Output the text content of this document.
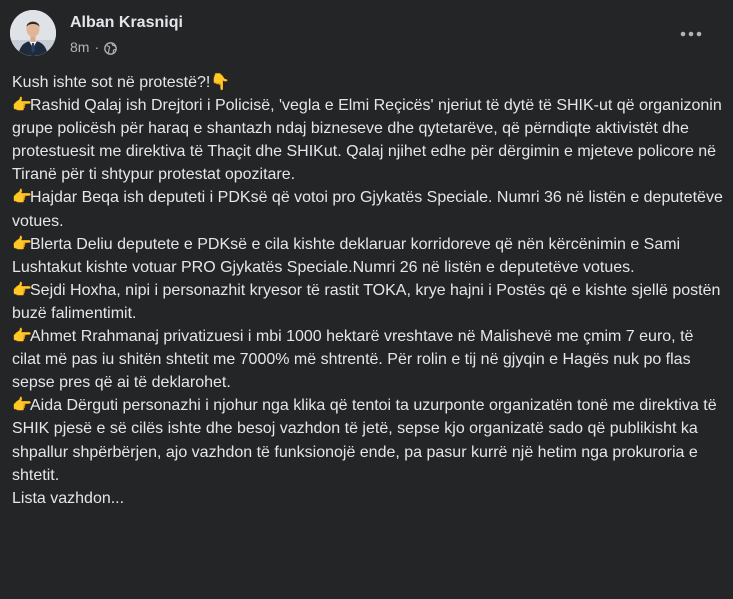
Alban Krasniqi
8m ·
Kush ishte sot në protestë?!👇
👉Rashid Qalaj ish Drejtori i Policisë, 'vegla e Elmi Reçicës' njeriut të dytë të SHIK-ut që organizonin grupe policësh për haraq e shantazh ndaj bizneseve dhe qytetarëve, që përndiqte aktivistët dhe protestuesit me direktiva të Thaçit dhe SHIKut. Qalaj njihet edhe për dërgimin e mjeteve policore në Tiranë për ti shtypur protestat opozitare.
👉Hajdar Beqa ish deputeti i PDKsë që votoi pro Gjykatës Speciale. Numri 36 në listën e deputetëve votues.
👉Blerta Deliu deputete e PDKsë e cila kishte deklaruar korridoreve që nën kërcënimin e Sami Lushtakut kishte votuar PRO Gjykatës Speciale.Numri 26 në listën e deputetëve votues.
👉Sejdi Hoxha, nipi i personazhit kryesor të rastit TOKA, krye hajni i Postës që e kishte sjellë postën buzë falimentimit.
👉Ahmet Rrahmanaj privatizuesi i mbi 1000 hektarë vreshtave në Malishevë me çmim 7 euro, të cilat më pas iu shitën shtetit me 7000% më shtrentë. Për rolin e tij në gjyqin e Hagës nuk po flas sepse pres që ai të deklarohet.
👉Aida Dërguti personazhi i njohur nga klika që tentoi ta uzurponte organizatën tonë me direktiva të SHIK pjesë e së cilës ishte dhe besoj vazhdon të jetë, sepse kjo organizatë sado që publikisht ka shpallur shpërbërjen, ajo vazhdon të funksionojë ende, pa pasur kurrë një hetim nga prokuroria e shtetit.
Lista vazhdon...
